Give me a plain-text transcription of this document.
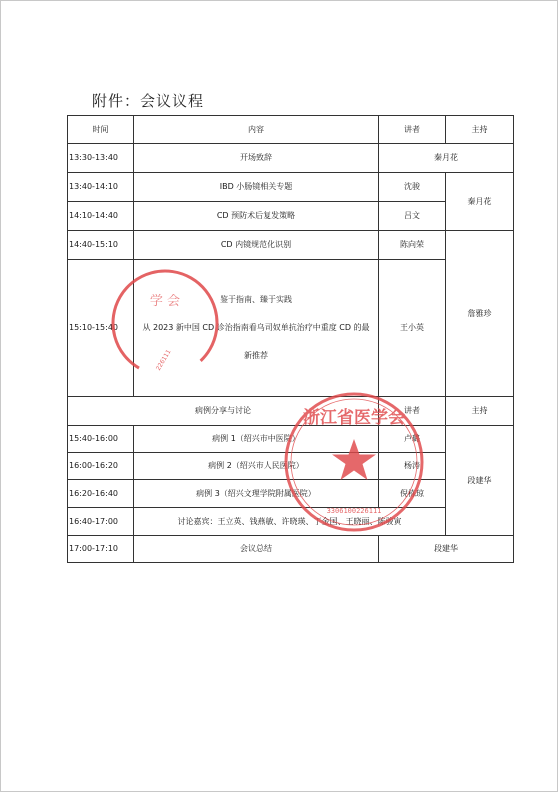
附件：会议议程
时间	内容	讲者	主持
13:30-13:40	开场致辞	秦月花	
13:40-14:10	IBD 小肠镜相关专题	沈骏	秦月花
14:10-14:40	CD 预防术后复发策略	吕文	
14:40-15:10	CD 内镜规范化识别	陈向荣	詹雅珍
15:10-15:40	鉴于指南、臻于实践
从 2023 新中国 CD 诊治指南看乌司奴单抗治疗中重度 CD 的最
新推荐	王小英	
病例分享与讨论		讲者	主持
15:40-16:00	病例 1（绍兴市中医院）	卢璐	段建华
16:00-16:20	病例 2（绍兴市人民医院）	杨涛	
16:20-16:40	病例 3（绍兴文理学院附属医院）	倪栋琼	
16:40-17:00	讨论嘉宾：王立英、钱燕敏、许晓瑛、丁金国、王晓丽、陈骏寅		
17:00-17:10	会议总结	段建华	
学 会
226111
浙江省医学会
3306100226111
